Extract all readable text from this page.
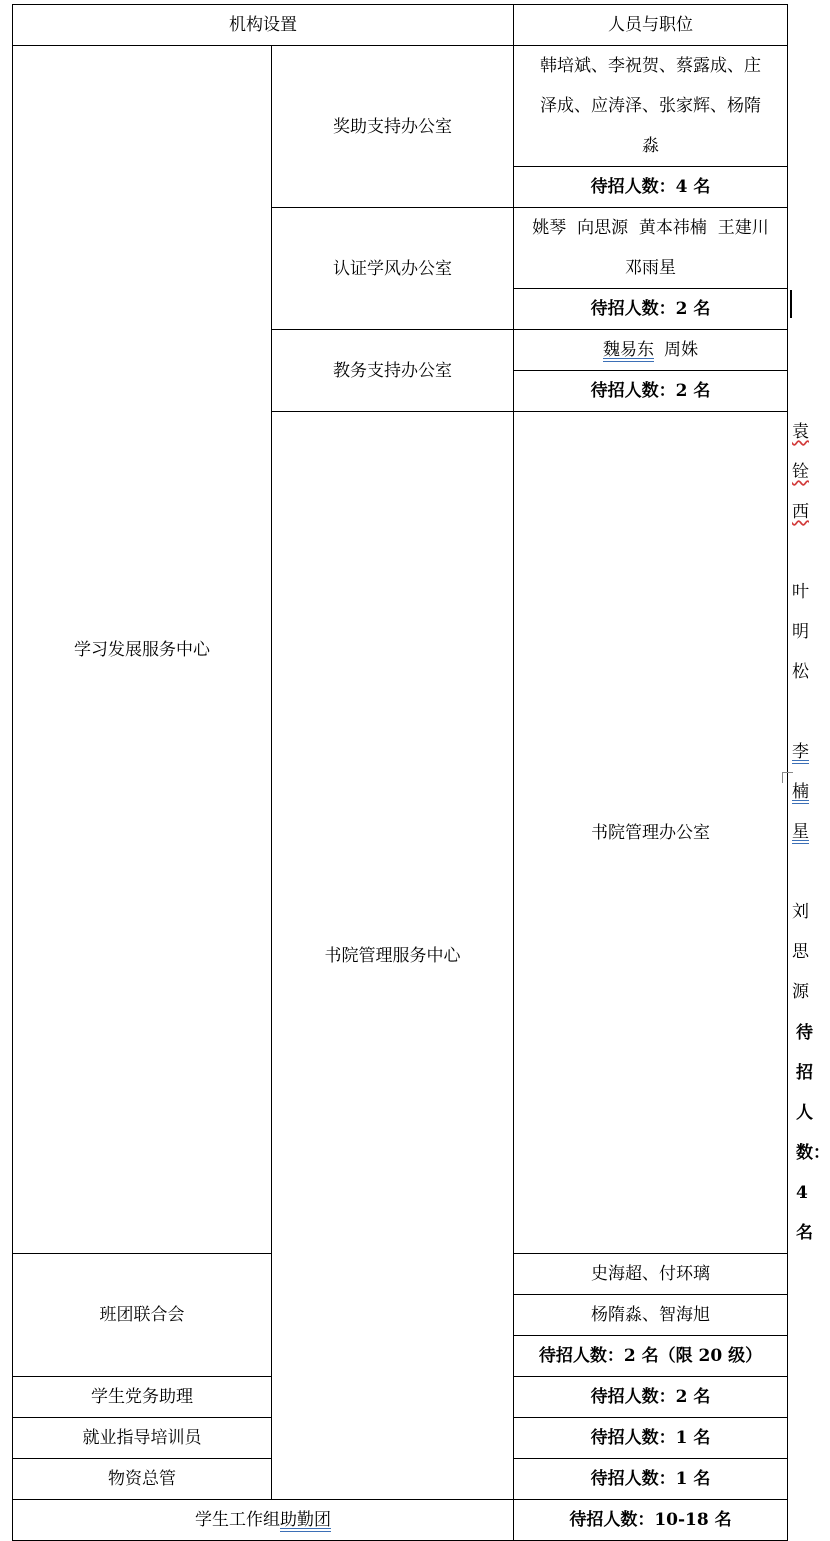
机构设置		人员与职位	
学习发展服务中心	奖助支持办公室	韩培斌、李祝贺、蔡露成、庄
泽成、应涛泽、张家辉、杨隋
淼	

		待招人数：4 名	
	认证学风办公室	姚琴  向思源  黄本祎楠  王建川
邓雨星	

		待招人数：2 名	
	教务支持办公室	魏易东 周姝	
		待招人数：2 名	
	书院管理服务中心	书院管理办公室	袁铨西叶明松李楠星刘思源
			待招人数：4 名
班团联合会		史海超、付环璃	
		杨隋淼、智海旭	
		待招人数：2 名（限 20 级）	
学生党务助理		待招人数：2 名	
就业指导培训员		待招人数：1 名	
物资总管		待招人数：1 名	
学生工作组助勤团		待招人数：10-18 名	
